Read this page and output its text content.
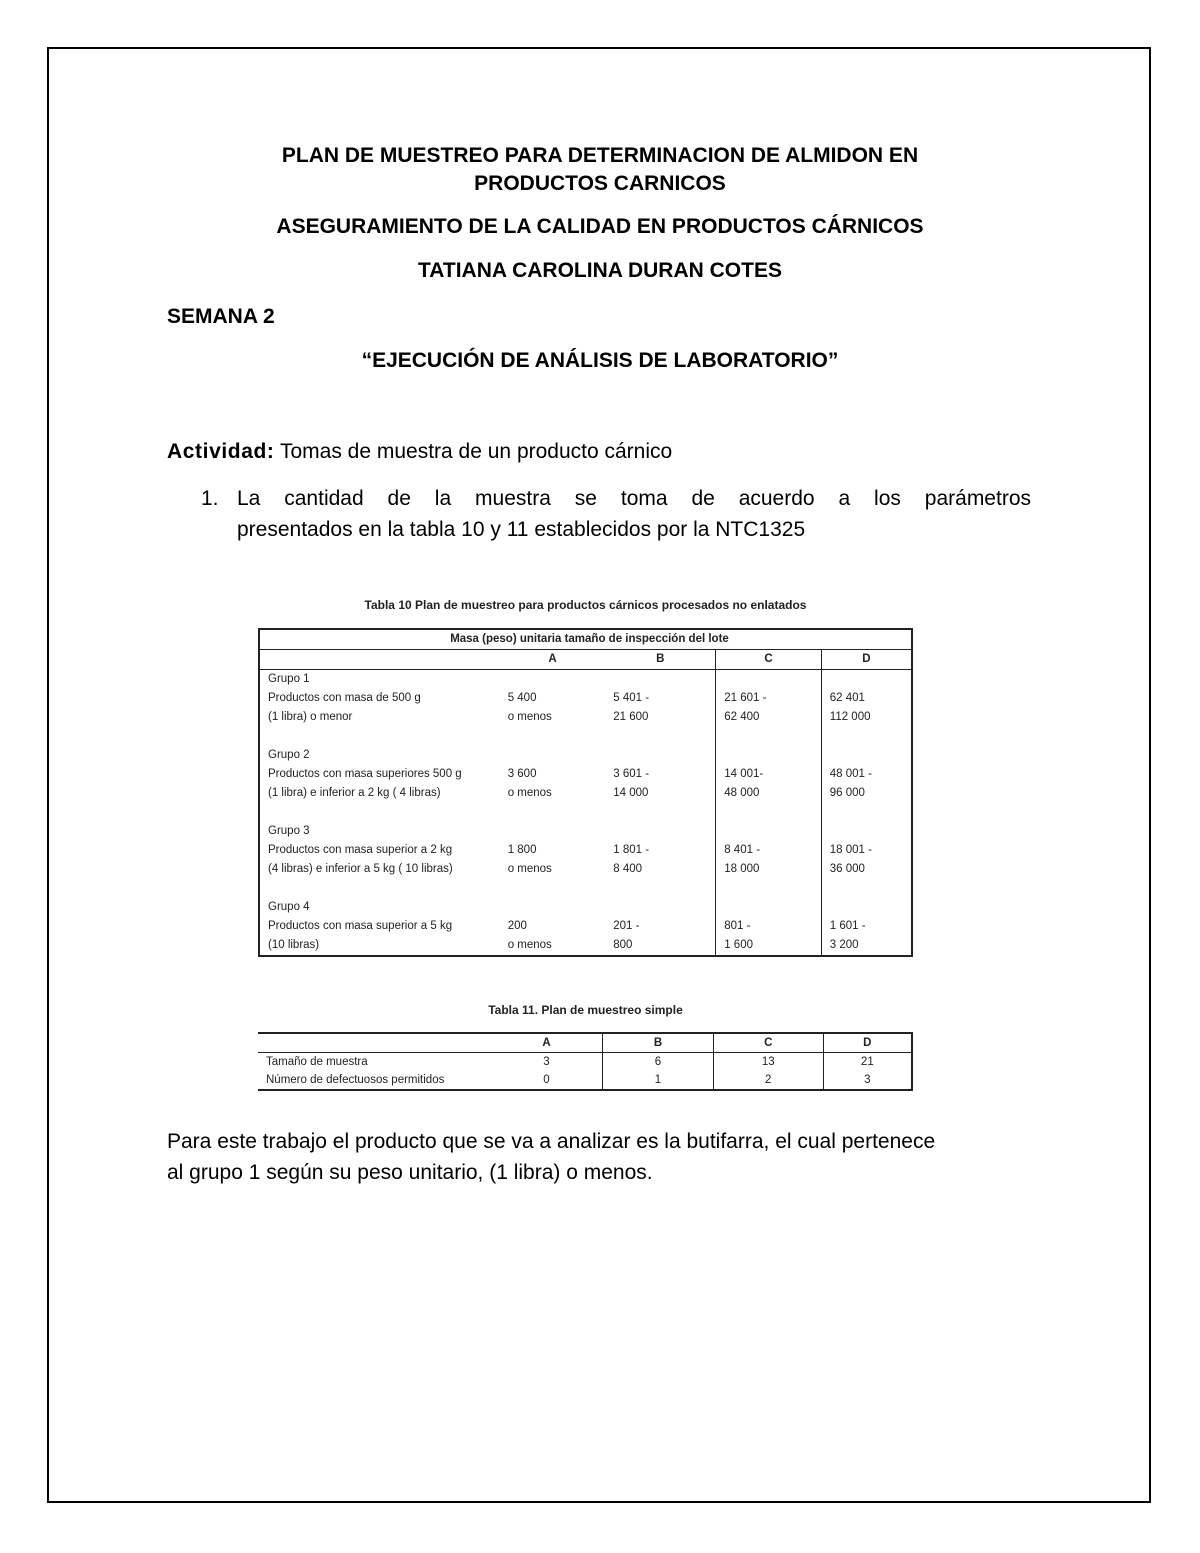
PLAN DE MUESTREO PARA DETERMINACION DE ALMIDON EN
PRODUCTOS CARNICOS
ASEGURAMIENTO DE LA CALIDAD EN PRODUCTOS CÁRNICOS
TATIANA CAROLINA DURAN COTES
SEMANA 2
“EJECUCIÓN DE ANÁLISIS DE LABORATORIO”
Actividad: Tomas de muestra de un producto cárnico
1. La cantidad de la muestra se toma de acuerdo a los parámetros
presentados en la tabla 10 y 11 establecidos por la NTC1325
Tabla 10 Plan de muestreo para productos cárnicos procesados no enlatados
Masa (peso) unitaria tamaño de inspección del lote				
	A	B	C	D
Grupo 1				
Productos con masa de 500 g	5 400	5 401 -	21 601 -	62 401
(1 libra) o menor	o menos	21 600	62 400	112 000

Grupo 2				
Productos con masa superiores 500 g	3 600	3 601 -	14 001-	48 001 -
(1 libra) e inferior a 2 kg ( 4 libras)	o menos	14 000	48 000	96 000

Grupo 3				
Productos con masa superior a 2 kg	1 800	1 801 -	8 401 -	18 001 -
(4 libras) e inferior a 5 kg ( 10 libras)	o menos	8 400	18 000	36 000

Grupo 4				
Productos con masa superior a 5 kg	200	201 -	801 -	1 601 -
(10 libras)	o menos	800	1 600	3 200
Tabla 11. Plan de muestreo simple
	A	B	C	D
Tamaño de muestra	3	6	13	21
Número de defectuosos permitidos	0	1	2	3
Para este trabajo el producto que se va a analizar es la butifarra, el cual pertenece
al grupo 1 según su peso unitario, (1 libra) o menos.
